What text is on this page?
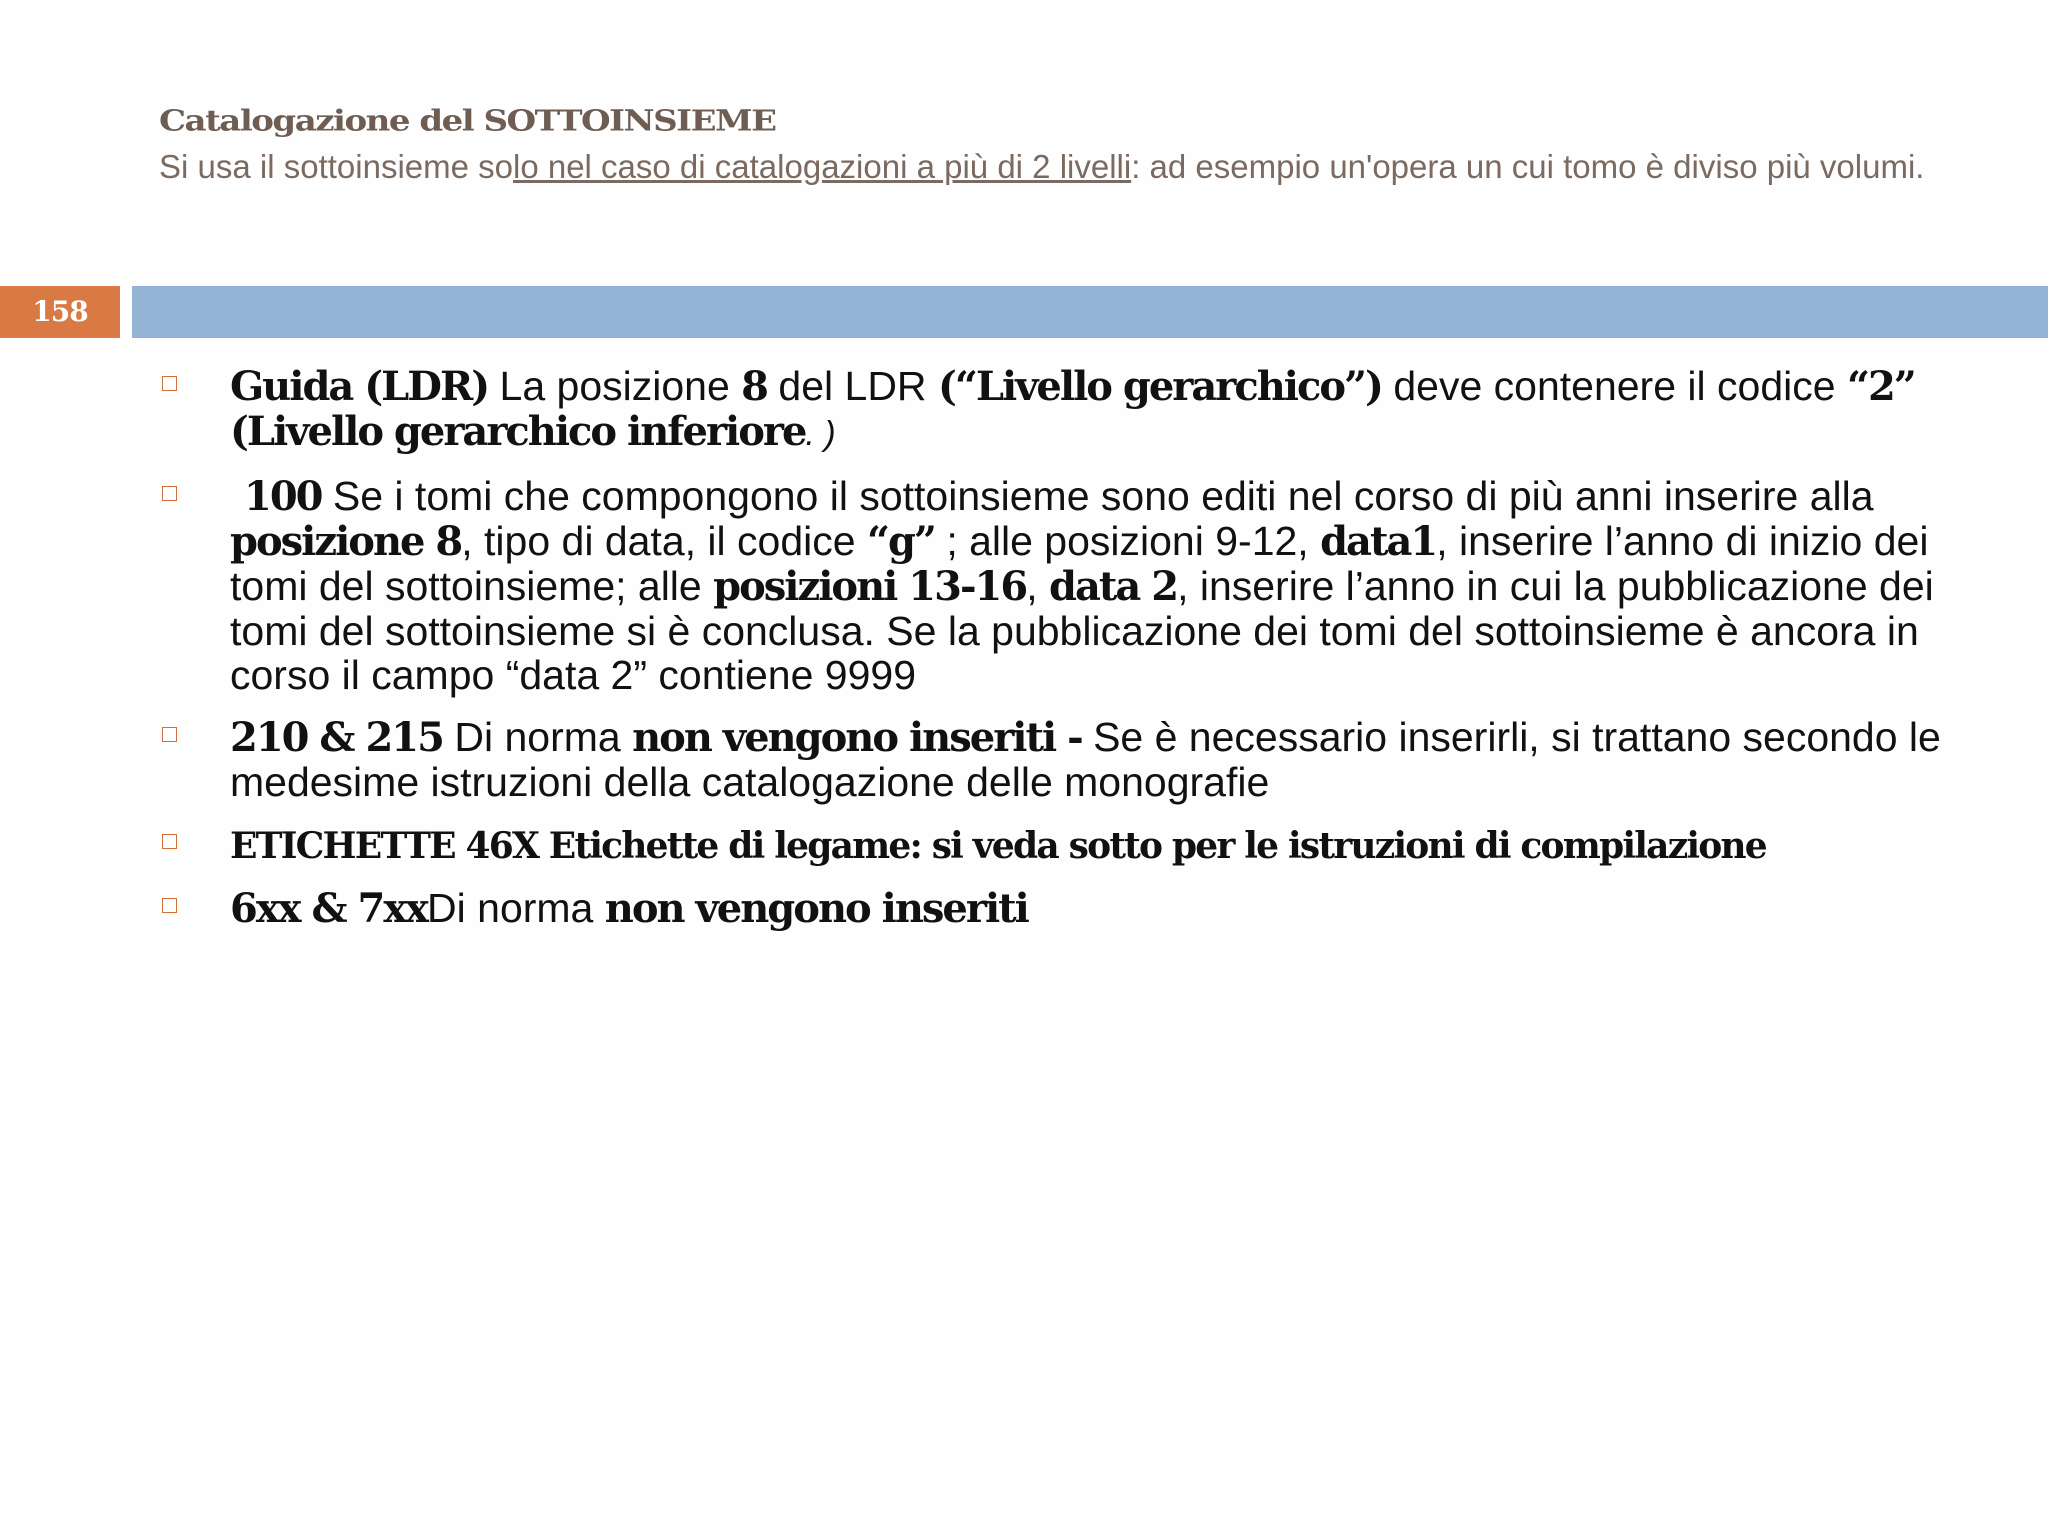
Catalogazione del SOTTOINSIEME
Si usa il sottoinsieme solo nel caso di catalogazioni a più di 2 livelli: ad esempio un'opera un cui tomo è diviso più volumi.
158
Guida (LDR) La posizione 8 del LDR (“Livello gerarchico”) deve contenere il codice “2” (Livello gerarchico inferiore. )
100 Se i tomi che compongono il sottoinsieme sono editi nel corso di più anni inserire alla posizione 8, tipo di data, il codice “g” ; alle posizioni 9-12, data1, inserire l’anno di inizio dei tomi del sottoinsieme; alle posizioni 13-16, data 2, inserire l’anno in cui la pubblicazione dei tomi del sottoinsieme si è conclusa. Se la pubblicazione dei tomi del sottoinsieme è ancora in corso il campo “data 2” contiene 9999
210 & 215 Di norma non vengono inseriti - Se è necessario inserirli, si trattano secondo le medesime istruzioni della catalogazione delle monografie
ETICHETTE 46X Etichette di legame: si veda sotto per le istruzioni di compilazione
6xx & 7xxDi norma non vengono inseriti
